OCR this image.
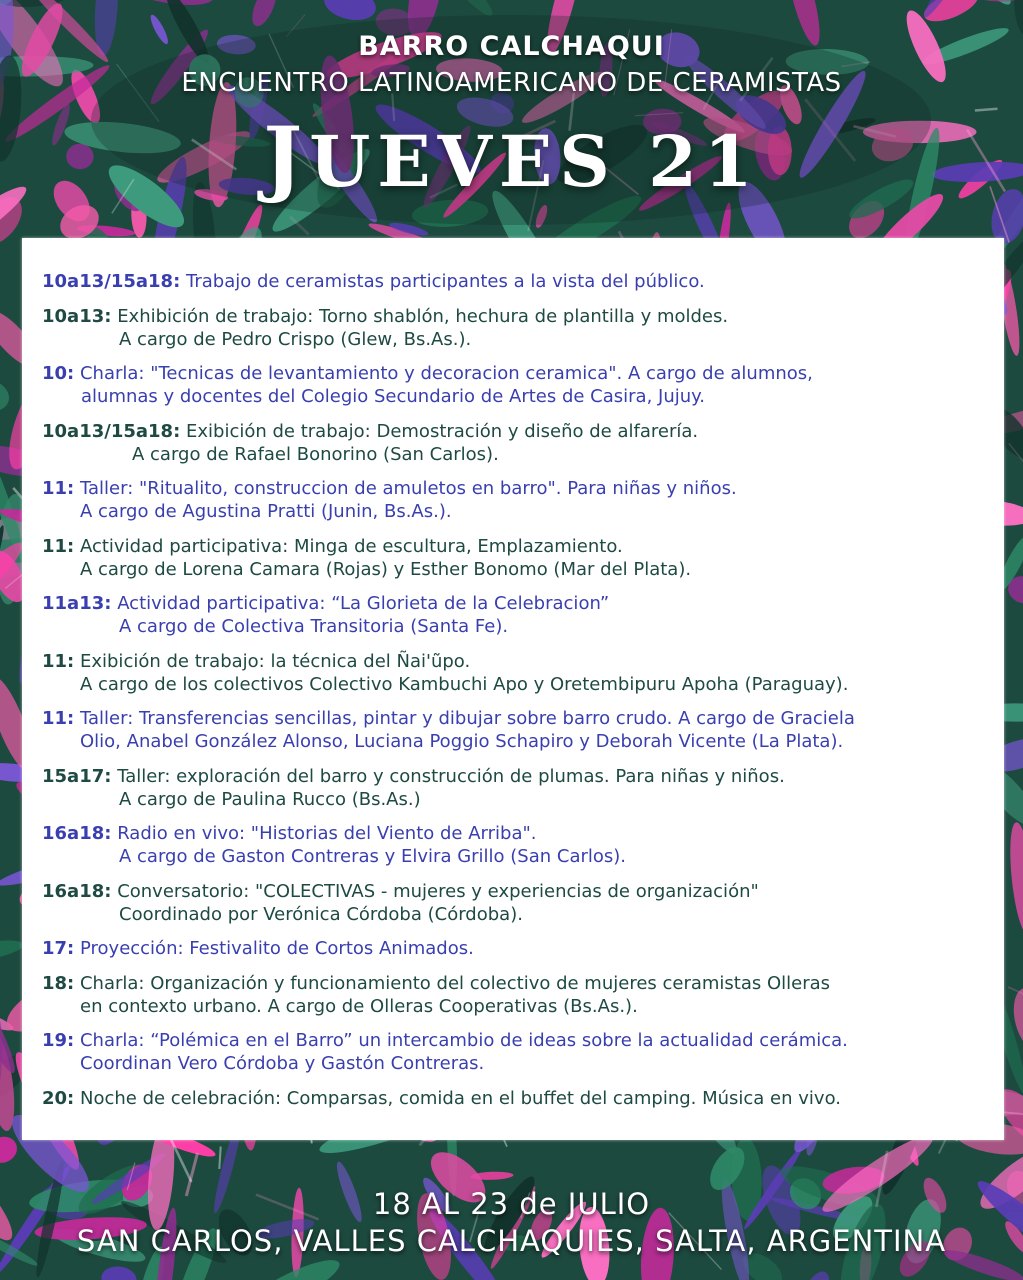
BARRO CALCHAQUI
ENCUENTRO LATINOAMERICANO DE CERAMISTAS
JUEVES 21
10a13/15a18: Trabajo de ceramistas participantes a la vista del público.
10a13: Exhibición de trabajo: Torno shablón, hechura de plantilla y moldes.
A cargo de Pedro Crispo (Glew, Bs.As.).
10: Charla: "Tecnicas de levantamiento y decoracion ceramica". A cargo de alumnos,
alumnas y docentes del Colegio Secundario de Artes de Casira, Jujuy.
10a13/15a18: Exibición de trabajo: Demostración y diseño de alfarería.
A cargo de Rafael Bonorino (San Carlos).
11: Taller: "Ritualito, construccion de amuletos en barro". Para niñas y niños.
A cargo de Agustina Pratti (Junin, Bs.As.).
11: Actividad participativa: Minga de escultura, Emplazamiento.
A cargo de Lorena Camara (Rojas) y Esther Bonomo (Mar del Plata).
11a13: Actividad participativa: “La Glorieta de la Celebracion”
A cargo de Colectiva Transitoria (Santa Fe).
11: Exibición de trabajo: la técnica del Ñai'ũpo.
A cargo de los colectivos Colectivo Kambuchi Apo y Oretembipuru Apoha (Paraguay).
11: Taller: Transferencias sencillas, pintar y dibujar sobre barro crudo. A cargo de Graciela
Olio, Anabel González Alonso, Luciana Poggio Schapiro y Deborah Vicente (La Plata).
15a17: Taller: exploración del barro y construcción de plumas. Para niñas y niños.
A cargo de Paulina Rucco (Bs.As.)
16a18: Radio en vivo: "Historias del Viento de Arriba".
A cargo de Gaston Contreras y Elvira Grillo (San Carlos).
16a18: Conversatorio: "COLECTIVAS - mujeres y experiencias de organización"
Coordinado por Verónica Córdoba (Córdoba).
17: Proyección: Festivalito de Cortos Animados.
18: Charla: Organización y funcionamiento del colectivo de mujeres ceramistas Olleras
en contexto urbano. A cargo de Olleras Cooperativas (Bs.As.).
19: Charla: “Polémica en el Barro” un intercambio de ideas sobre la actualidad cerámica.
Coordinan Vero Córdoba y Gastón Contreras.
20: Noche de celebración: Comparsas, comida en el buffet del camping. Música en vivo.
18 AL 23 de JULIO
SAN CARLOS, VALLES CALCHAQUIES, SALTA, ARGENTINA
